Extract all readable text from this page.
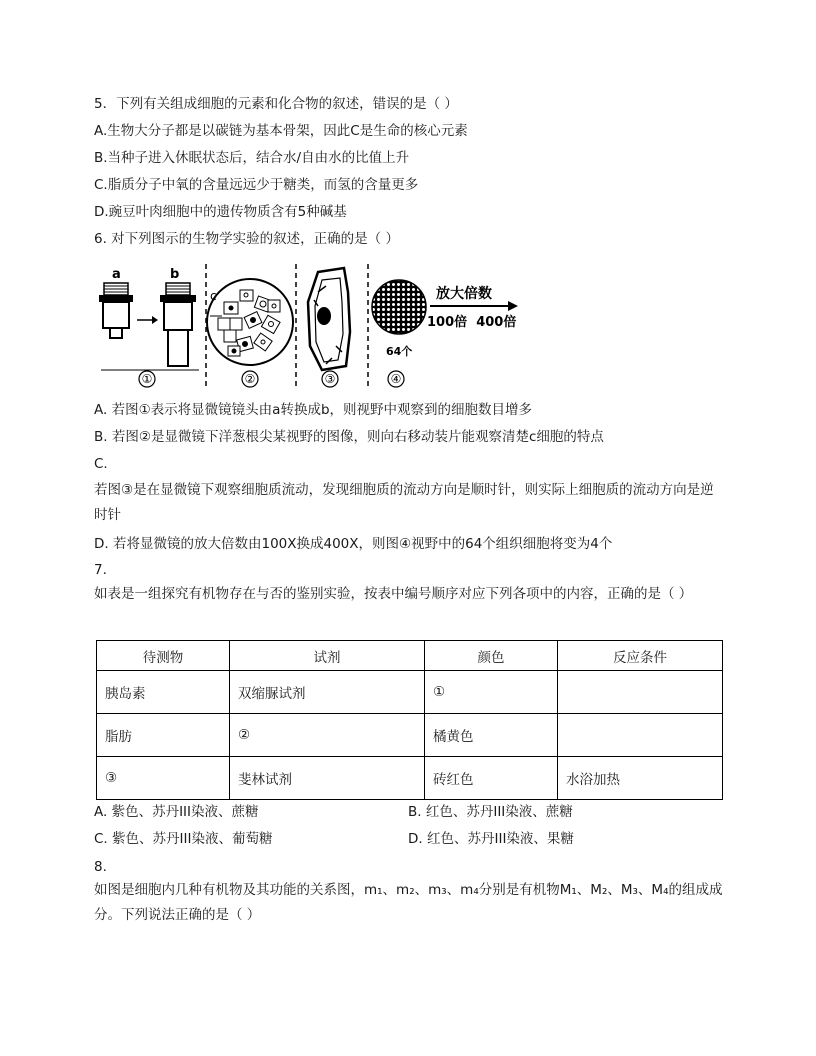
5．下列有关组成细胞的元素和化合物的叙述，错误的是（ ）
A.生物大分子都是以碳链为基本骨架，因此C是生命的核心元素
B.当种子进入休眠状态后，结合水/自由水的比值上升
C.脂质分子中氧的含量远远少于糖类，而氢的含量更多
D.豌豆叶肉细胞中的遗传物质含有5种碱基
6. 对下列图示的生物学实验的叙述，正确的是（ ）
a	b
①
c
②	③
64个
④
放大倍数
100倍  400倍
A. 若图①表示将显微镜镜头由a转换成b，则视野中观察到的细胞数目增多
B. 若图②是显微镜下洋葱根尖某视野的图像，则向右移动装片能观察清楚c细胞的特点
C.
若图③是在显微镜下观察细胞质流动，发现细胞质的流动方向是顺时针，则实际上细胞质的流动方向是逆时针
D. 若将显微镜的放大倍数由100X换成400X，则图④视野中的64个组织细胞将变为4个
7.
如表是一组探究有机物存在与否的鉴别实验，按表中编号顺序对应下列各项中的内容，正确的是（ ）
待测物	试剂	颜色	反应条件
胰岛素	双缩脲试剂	①	
脂肪	②	橘黄色	
③	斐林试剂	砖红色	水浴加热
A. 紫色、苏丹III染液、蔗糖	B. 红色、苏丹III染液、蔗糖
C. 紫色、苏丹III染液、葡萄糖	D. 红色、苏丹III染液、果糖
8.
如图是细胞内几种有机物及其功能的关系图，m₁、m₂、m₃、m₄分别是有机物M₁、M₂、M₃、M₄的组成成分。下列说法正确的是（ ）
